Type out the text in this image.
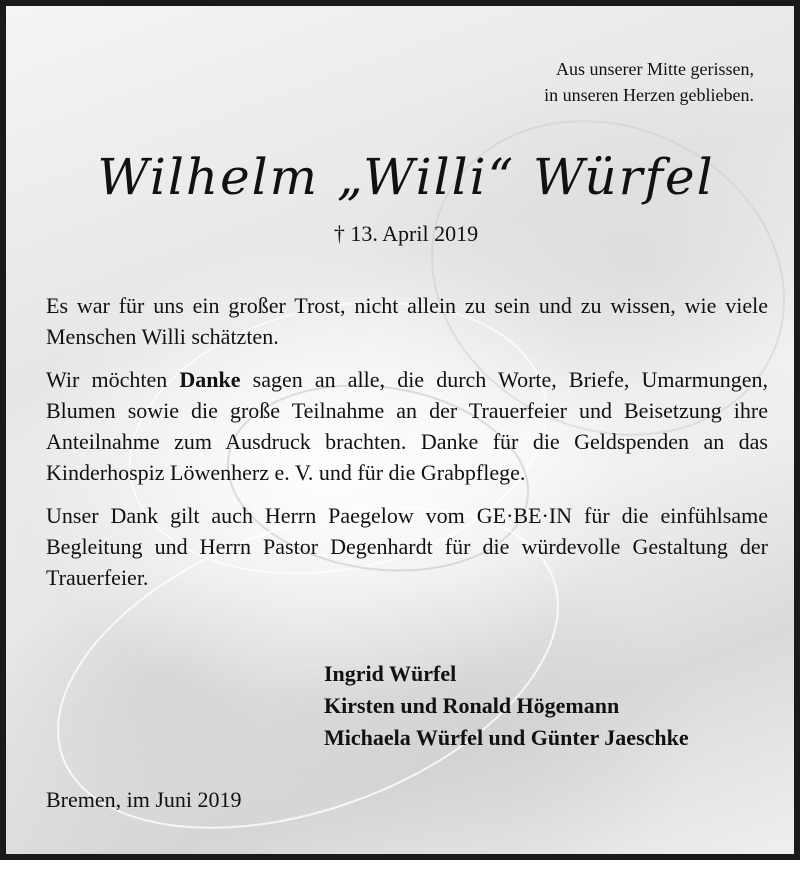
Aus unserer Mitte gerissen,
in unseren Herzen geblieben.
Wilhelm „Willi“ Würfel
† 13. April 2019

Es war für uns ein großer Trost, nicht allein zu sein und zu wissen, wie viele Menschen Willi schätzten.

Wir möchten Danke sagen an alle, die durch Worte, Briefe, Umarmungen, Blumen sowie die große Teilnahme an der Trauerfeier und Beisetzung ihre Anteilnahme zum Ausdruck brachten. Danke für die Geldspenden an das Kinderhospiz Löwenherz e. V. und für die Grabpflege.

Unser Dank gilt auch Herrn Paegelow vom GE·BE·IN für die einfühlsame Begleitung und Herrn Pastor Degenhardt für die würdevolle Gestaltung der Trauerfeier.

Ingrid Würfel
Kirsten und Ronald Högemann
Michaela Würfel und Günter Jaeschke
Bremen, im Juni 2019
